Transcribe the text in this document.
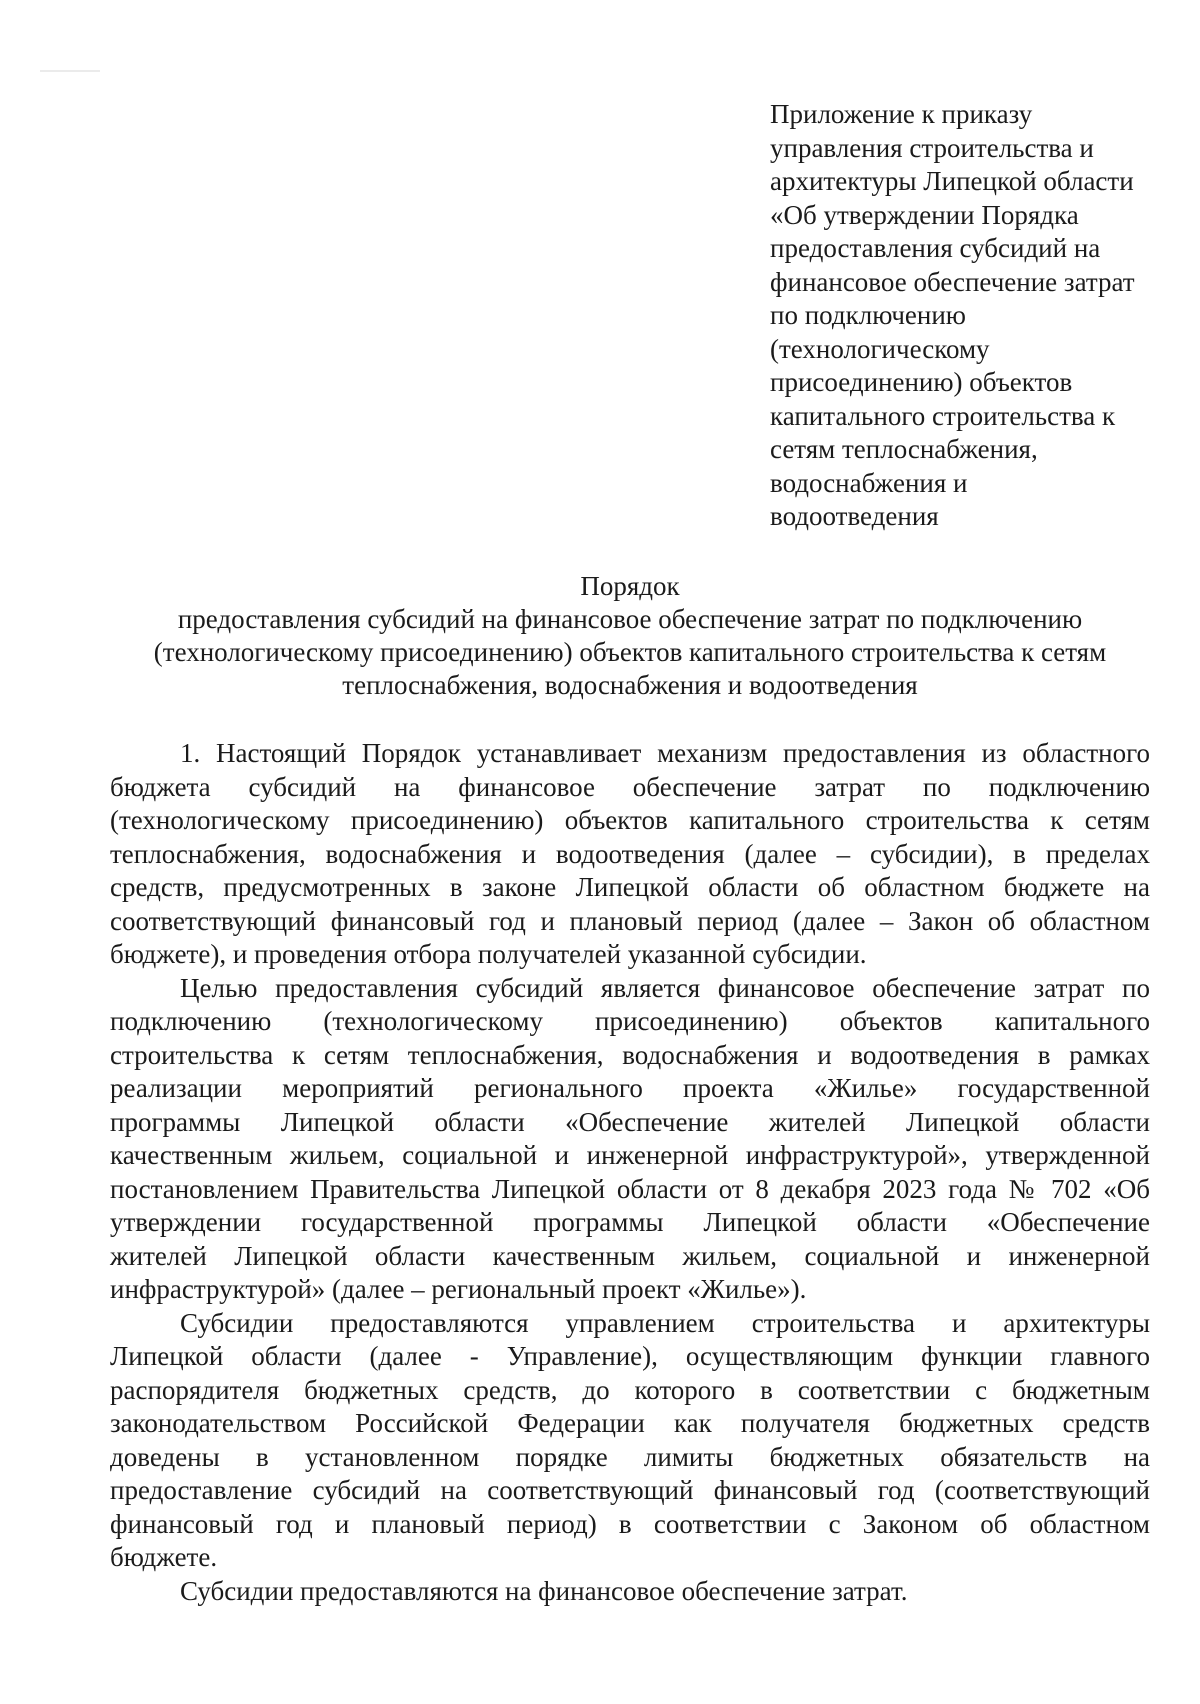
Приложение к приказу
управления строительства и
архитектуры Липецкой области
«Об утверждении Порядка
предоставления субсидий на
финансовое обеспечение затрат
по подключению
(технологическому
присоединению) объектов
капитального строительства к
сетям теплоснабжения,
водоснабжения и
водоотведения
Порядок
предоставления субсидий на финансовое обеспечение затрат по подключению
(технологическому присоединению) объектов капитального строительства к сетям
теплоснабжения, водоснабжения и водоотведения
1. Настоящий Порядок устанавливает механизм предоставления из областного
бюджета субсидий на финансовое обеспечение затрат по подключению
(технологическому присоединению) объектов капитального строительства к сетям
теплоснабжения, водоснабжения и водоотведения (далее – субсидии), в пределах
средств, предусмотренных в законе Липецкой области об областном бюджете на
соответствующий финансовый год и плановый период (далее – Закон об областном
бюджете), и проведения отбора получателей указанной субсидии.
Целью предоставления субсидий является финансовое обеспечение затрат по
подключению (технологическому присоединению) объектов капитального
строительства к сетям теплоснабжения, водоснабжения и водоотведения в рамках
реализации мероприятий регионального проекта «Жилье» государственной
программы Липецкой области «Обеспечение жителей Липецкой области
качественным жильем, социальной и инженерной инфраструктурой», утвержденной
постановлением Правительства Липецкой области от 8 декабря 2023 года № 702 «Об
утверждении государственной программы Липецкой области «Обеспечение
жителей Липецкой области качественным жильем, социальной и инженерной
инфраструктурой» (далее – региональный проект «Жилье»).
Субсидии предоставляются управлением строительства и архитектуры
Липецкой области (далее - Управление), осуществляющим функции главного
распорядителя бюджетных средств, до которого в соответствии с бюджетным
законодательством Российской Федерации как получателя бюджетных средств
доведены в установленном порядке лимиты бюджетных обязательств на
предоставление субсидий на соответствующий финансовый год (соответствующий
финансовый год и плановый период) в соответствии с Законом об областном
бюджете.
Субсидии предоставляются на финансовое обеспечение затрат.
